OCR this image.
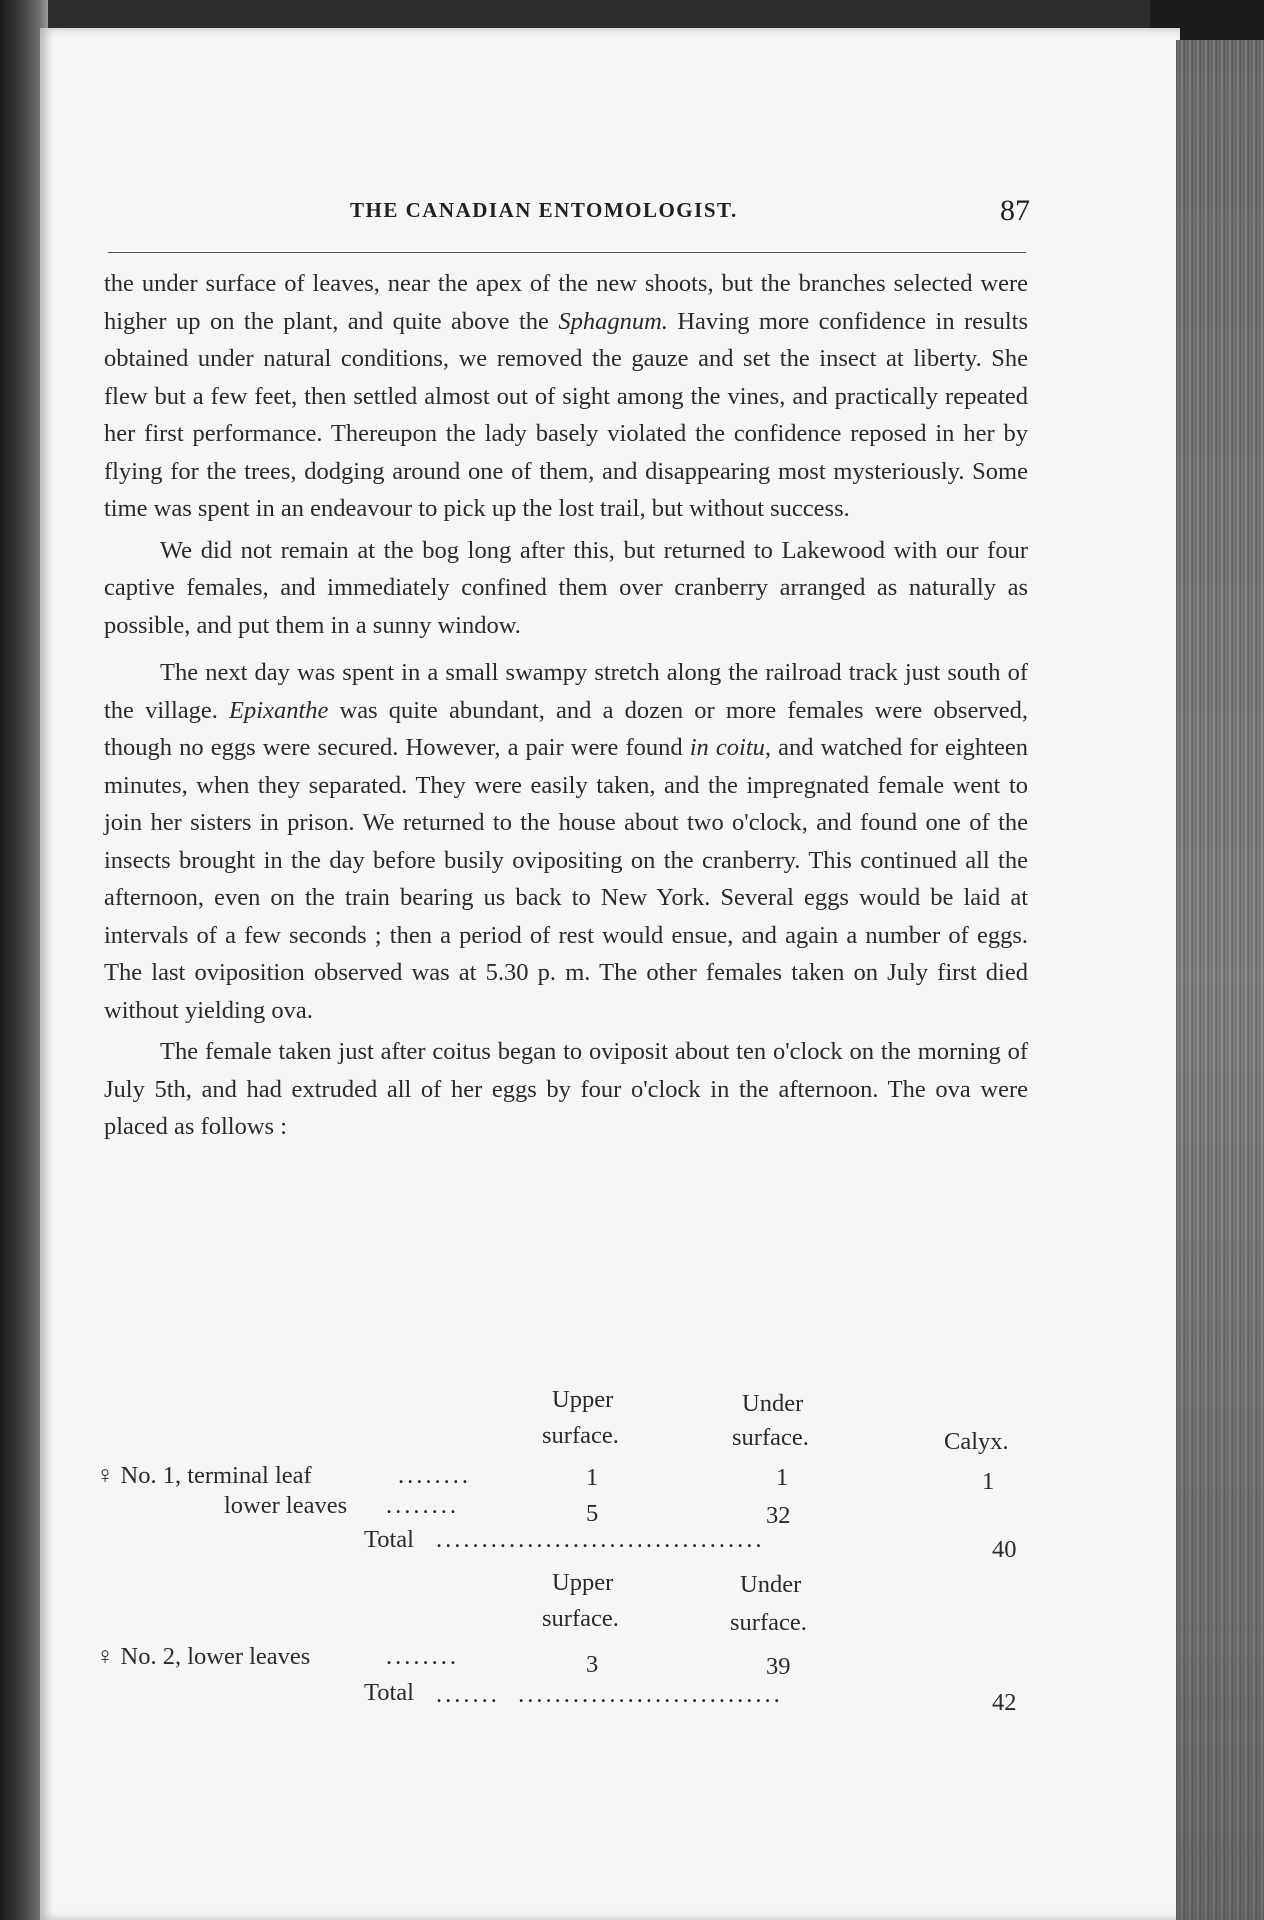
THE CANADIAN ENTOMOLOGIST.	87

the under surface of leaves, near the apex of the new shoots, but the branches selected were higher up on the plant, and quite above the Sphagnum. Having more confidence in results obtained under natural conditions, we removed the gauze and set the insect at liberty. She flew but a few feet, then settled almost out of sight among the vines, and practically repeated her first performance. Thereupon the lady basely violated the confidence reposed in her by flying for the trees, dodging around one of them, and disappearing most mysteriously. Some time was spent in an endeavour to pick up the lost trail, but without success.

We did not remain at the bog long after this, but returned to Lakewood with our four captive females, and immediately confined them over cranberry arranged as naturally as possible, and put them in a sunny window.

The next day was spent in a small swampy stretch along the railroad track just south of the village. Epixanthe was quite abundant, and a dozen or more females were observed, though no eggs were secured. However, a pair were found in coitu, and watched for eighteen minutes, when they separated. They were easily taken, and the impregnated female went to join her sisters in prison. We returned to the house about two o'clock, and found one of the insects brought in the day before busily ovipositing on the cranberry. This continued all the afternoon, even on the train bearing us back to New York. Several eggs would be laid at intervals of a few seconds ; then a period of rest would ensue, and again a number of eggs. The last oviposition observed was at 5.30 p. m. The other females taken on July first died without yielding ova.

The female taken just after coitus began to oviposit about ten o'clock on the morning of July 5th, and had extruded all of her eggs by four o'clock in the afternoon. The ova were placed as follows :

Upper
surface.
Under
surface.	Calyx.
♀ No. 1, terminal leaf	........	1	1	1
lower leaves ........	5	32
Total ....................................	40
Upper
surface.
Under
surface.
♀ No. 2, lower leaves	........	3	39
Total .......  .............................	42
